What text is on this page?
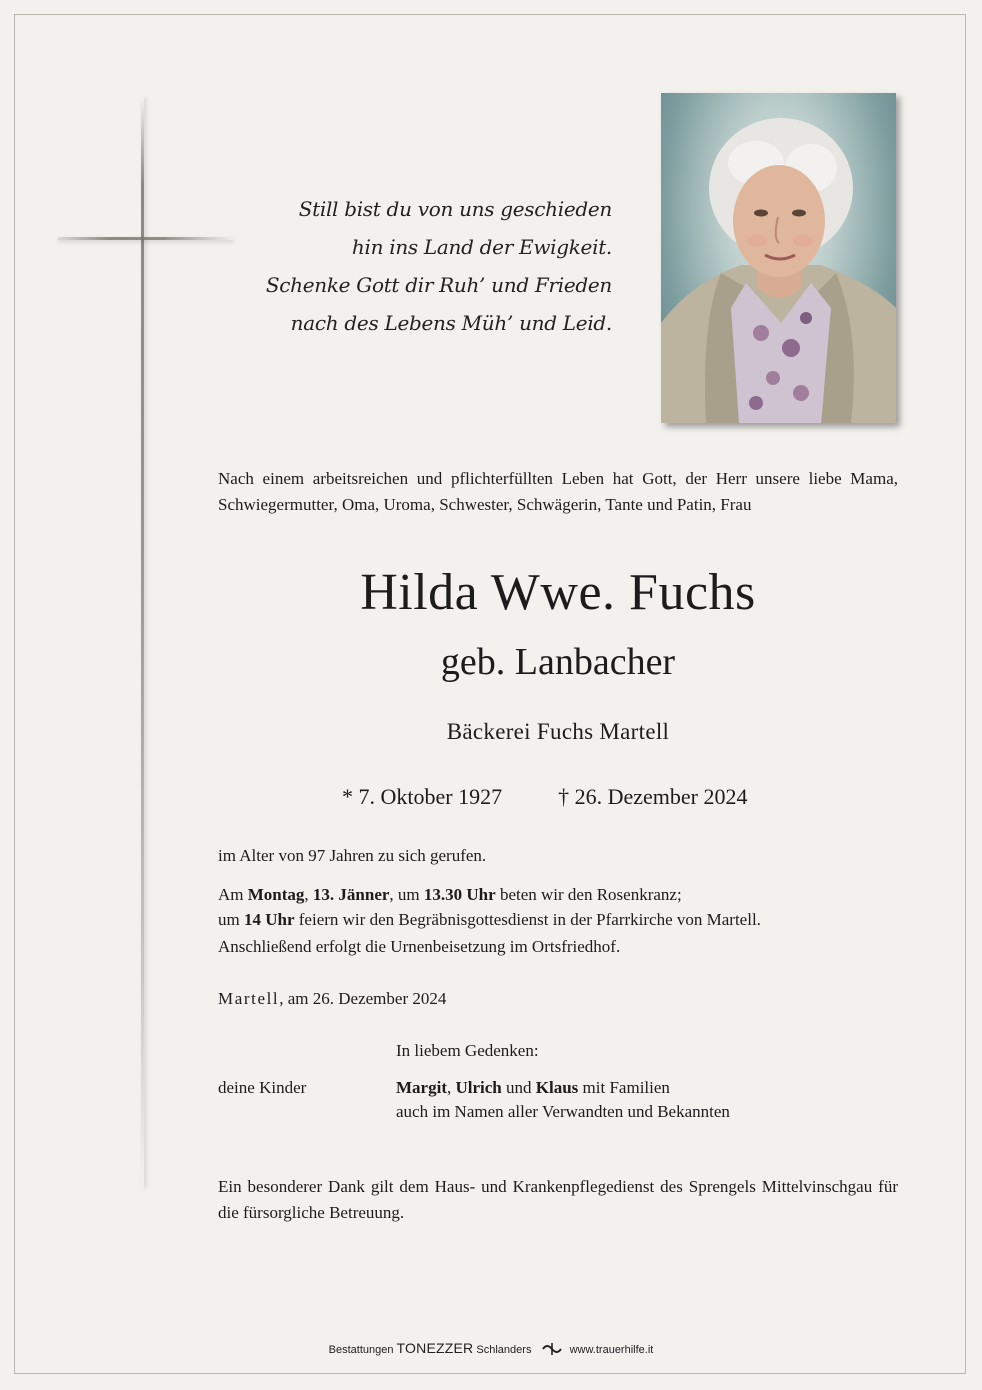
Still bist du von uns geschieden
hin ins Land der Ewigkeit.
Schenke Gott dir Ruh’ und Frieden
nach des Lebens Müh’ und Leid.
Nach einem arbeitsreichen und pflichterfüllten Leben hat Gott, der Herr unsere liebe Mama, Schwiegermutter, Oma, Uroma, Schwester, Schwägerin, Tante und Patin, Frau
Hilda Wwe. Fuchs
geb. Lanbacher
Bäckerei Fuchs Martell
* 7. Oktober 1927	† 26. Dezember 2024
im Alter von 97 Jahren zu sich gerufen.
Am Montag, 13. Jänner, um 13.30 Uhr beten wir den Rosenkranz;
um 14 Uhr feiern wir den Begräbnisgottesdienst in der Pfarrkirche von Martell.
Anschließend erfolgt die Urnenbeisetzung im Ortsfriedhof.
Martell, am 26. Dezember 2024
In liebem Gedenken:
deine Kinder	Margit, Ulrich und Klaus mit Familien
auch im Namen aller Verwandten und Bekannten
Ein besonderer Dank gilt dem Haus- und Krankenpflegedienst des Sprengels Mittelvinschgau für die fürsorgliche Betreuung.
Bestattungen TONEZZER Schlanders	www.trauerhilfe.it
